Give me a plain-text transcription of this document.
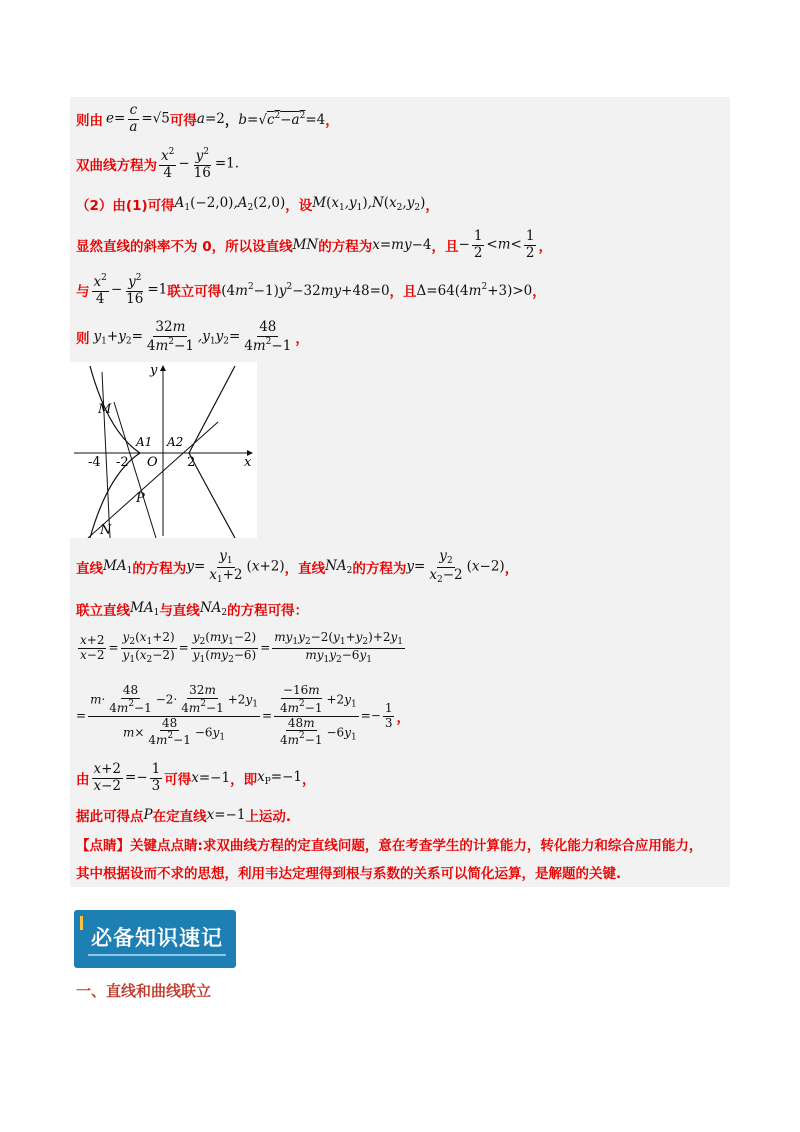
则由 $e= \frac{c}{a} =√5$ 可得 a=2 ， $b=√c^2-a^2=4$ ，
双曲线方程为 $\frac{x^2}{4} - \frac{y^2}{16} =1$.
（2）由(1)可得 $A_1(-2,0),A_2(2,0)$ ，设 $M(x_1,y_1),N(x_2,y_2)$ ，
显然直线的斜率不为 0，所以设直线 MN 的方程为 x=my−4 ，且 − $\frac{1}{2} <m< \frac{1}{2}$ ，
与 $\frac{x^2}{4} - \frac{y^2}{16} =1$ 联立可得 $(4m^2-1)y^2-32my+48=0$ ，且 $\Delta=64(4m^2+3)>0$ ，
则 $y_1+y_2= \frac{32m}{4m^2-1} ,y_1y_2= \frac{48}{4m^2-1}$ ，
y
x
M
A1 A2
O
-4 -2	2
P
N
直线 $MA_1$ 的方程为 $y= \frac{y_1}{x_1+2} (x+2)$ ，直线 $NA_2$ 的方程为 $y= \frac{y_2}{x_2-2} (x-2)$ ，
联立直线 $MA_1$ 与直线 $NA_2$ 的方程可得：
$\frac{x+2}{x-2} = \frac{y_2(x_1+2)}{y_1(x_2-2)} = \frac{y_2(my_1-2)}{y_1(my_2-6)} = \frac{my_1y_2-2(y_1+y_2)+2y_1}{my_1y_2-6y_1}$
= $\frac{m\cdot \frac{48}{4m^2-1} -2\cdot \frac{32m}{4m^2-1} +2y_1}{m\times \frac{48}{4m^2-1} -6y_1} = \frac{\frac{-16m}{4m^2-1} +2y_1}{\frac{48m}{4m^2-1} -6y_1} =- \frac{1}{3}$ ，
由 $\frac{x+2}{x-2} =- \frac{1}{3}$ 可得 x=−1 ，即 $x_P=-1$ ，
据此可得点 P 在定直线 x=−1 上运动.
【点睛】关键点点睛:求双曲线方程的定直线问题，意在考查学生的计算能力，转化能力和综合应用能力，
其中根据设而不求的思想，利用韦达定理得到根与系数的关系可以简化运算，是解题的关键.
必备知识速记
一、直线和曲线联立
